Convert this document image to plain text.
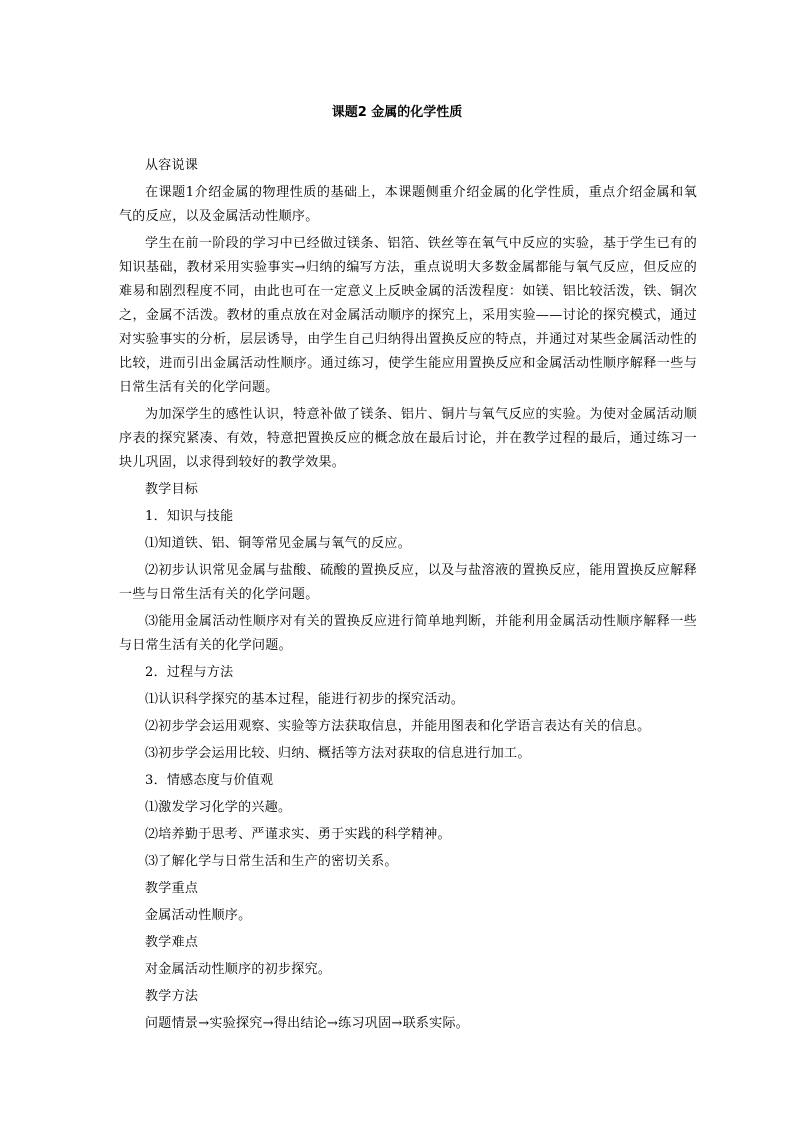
课题2 金属的化学性质

从容说课

在课题1介绍金属的物理性质的基础上，本课题侧重介绍金属的化学性质，重点介绍金属和氧气的反应，以及金属活动性顺序。

学生在前一阶段的学习中已经做过镁条、铝箔、铁丝等在氧气中反应的实验，基于学生已有的知识基础，教材采用实验事实→归纳的编写方法，重点说明大多数金属都能与氧气反应，但反应的难易和剧烈程度不同，由此也可在一定意义上反映金属的活泼程度：如镁、铝比较活泼，铁、铜次之，金属不活泼。教材的重点放在对金属活动顺序的探究上，采用实验——讨论的探究模式，通过对实验事实的分析，层层诱导，由学生自己归纳得出置换反应的特点，并通过对某些金属活动性的比较，进而引出金属活动性顺序。通过练习，使学生能应用置换反应和金属活动性顺序解释一些与日常生活有关的化学问题。

为加深学生的感性认识，特意补做了镁条、铝片、铜片与氧气反应的实验。为使对金属活动顺序表的探究紧凑、有效，特意把置换反应的概念放在最后讨论，并在教学过程的最后，通过练习一块儿巩固，以求得到较好的教学效果。

教学目标

1．知识与技能

⑴知道铁、铝、铜等常见金属与氧气的反应。

⑵初步认识常见金属与盐酸、硫酸的置换反应，以及与盐溶液的置换反应，能用置换反应解释一些与日常生活有关的化学问题。

⑶能用金属活动性顺序对有关的置换反应进行简单地判断，并能利用金属活动性顺序解释一些与日常生活有关的化学问题。

2．过程与方法

⑴认识科学探究的基本过程，能进行初步的探究活动。

⑵初步学会运用观察、实验等方法获取信息，并能用图表和化学语言表达有关的信息。

⑶初步学会运用比较、归纳、概括等方法对获取的信息进行加工。

3．情感态度与价值观

⑴激发学习化学的兴趣。

⑵培养勤于思考、严谨求实、勇于实践的科学精神。

⑶了解化学与日常生活和生产的密切关系。

教学重点

金属活动性顺序。

教学难点

对金属活动性顺序的初步探究。

教学方法

问题情景→实验探究→得出结论→练习巩固→联系实际。
